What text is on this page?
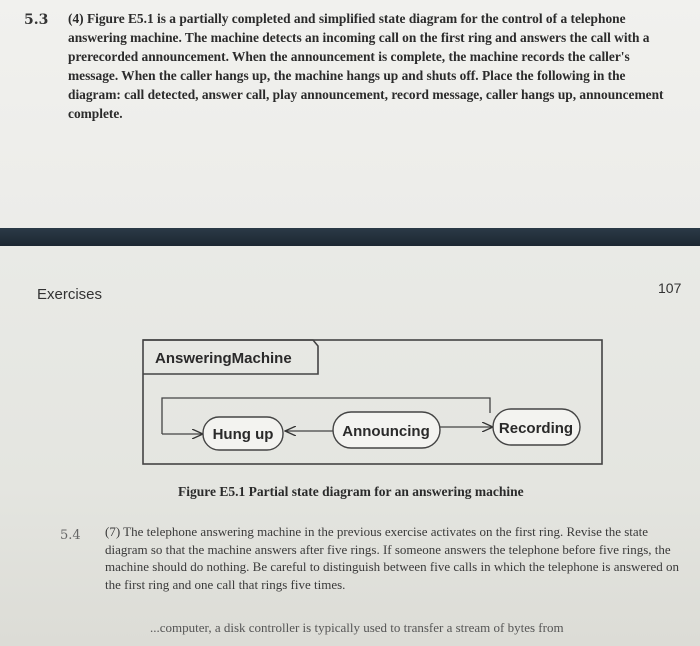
5.3 (4) Figure E5.1 is a partially completed and simplified state diagram for the control of a telephone answering machine. The machine detects an incoming call on the first ring and answers the call with a prerecorded announcement. When the announcement is complete, the machine records the caller's message. When the caller hangs up, the machine hangs up and shuts off. Place the following in the diagram: call detected, answer call, play announcement, record message, caller hangs up, announcement complete.
Exercises	107
AnsweringMachine
Hung up	Announcing	Recording
Figure E5.1 Partial state diagram for an answering machine
5.4 (7) The telephone answering machine in the previous exercise activates on the first ring. Revise the state diagram so that the machine answers after five rings. If someone answers the telephone before five rings, the machine should do nothing. Be careful to distinguish between five calls in which the telephone is answered on the first ring and one call that rings five times.
...computer, a disk controller is typically used to transfer a stream of bytes from
